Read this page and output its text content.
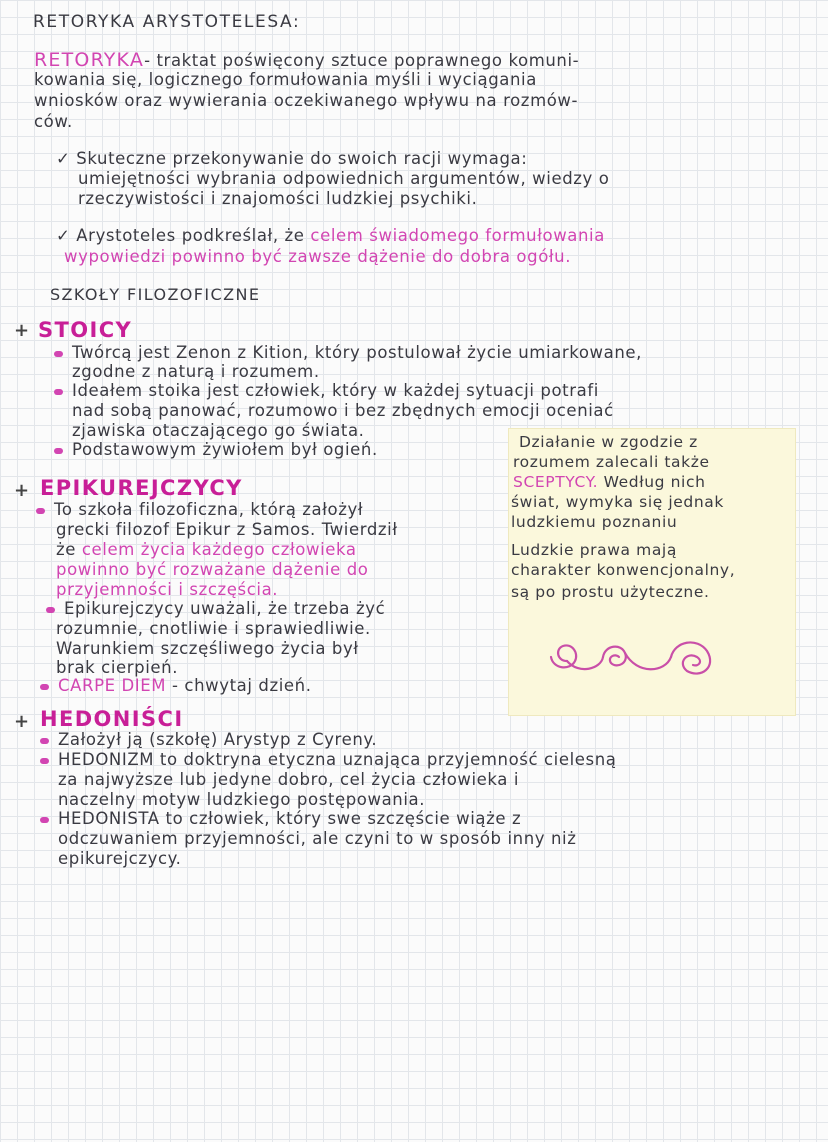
RETORYKA ARYSTOTELESA:
RETORYKA- traktat poświęcony sztuce poprawnego komuni-
kowania się, logicznego formułowania myśli i wyciągania
wniosków oraz wywierania oczekiwanego wpływu na rozmów-
ców.
✓ Skuteczne przekonywanie do swoich racji wymaga:
umiejętności wybrania odpowiednich argumentów, wiedzy o
rzeczywistości i znajomości ludzkiej psychiki.
✓ Arystoteles podkreślał, że celem świadomego formułowania
wypowiedzi powinno być zawsze dążenie do dobra ogółu.
SZKOŁY FILOZOFICZNE
+ STOICY
Twórcą jest Zenon z Kition, który postulował życie umiarkowane,
zgodne z naturą i rozumem.
Ideałem stoika jest człowiek, który w każdej sytuacji potrafi
nad sobą panować, rozumowo i bez zbędnych emocji oceniać
zjawiska otaczającego go świata.
Podstawowym żywiołem był ogień.	Działanie w zgodzie z
rozumem zalecali także
SCEPTYCY. Według nich
świat, wymyka się jednak
ludzkiemu poznaniu
Ludzkie prawa mają
charakter konwencjonalny,
są po prostu użyteczne.
+ EPIKUREJCZYCY
To szkoła filozoficzna, którą założył
grecki filozof Epikur z Samos. Twierdził
że celem życia każdego człowieka
powinno być rozważane dążenie do
przyjemności i szczęścia.
Epikurejczycy uważali, że trzeba żyć
rozumnie, cnotliwie i sprawiedliwie.
Warunkiem szczęśliwego życia był
brak cierpień.
CARPE DIEM - chwytaj dzień.
+ HEDONIŚCI
Założył ją (szkołę) Arystyp z Cyreny.
HEDONIZM to doktryna etyczna uznająca przyjemność cielesną
za najwyższe lub jedyne dobro, cel życia człowieka i
naczelny motyw ludzkiego postępowania.
HEDONISTA to człowiek, który swe szczęście wiąże z
odczuwaniem przyjemności, ale czyni to w sposób inny niż
epikurejczycy.
